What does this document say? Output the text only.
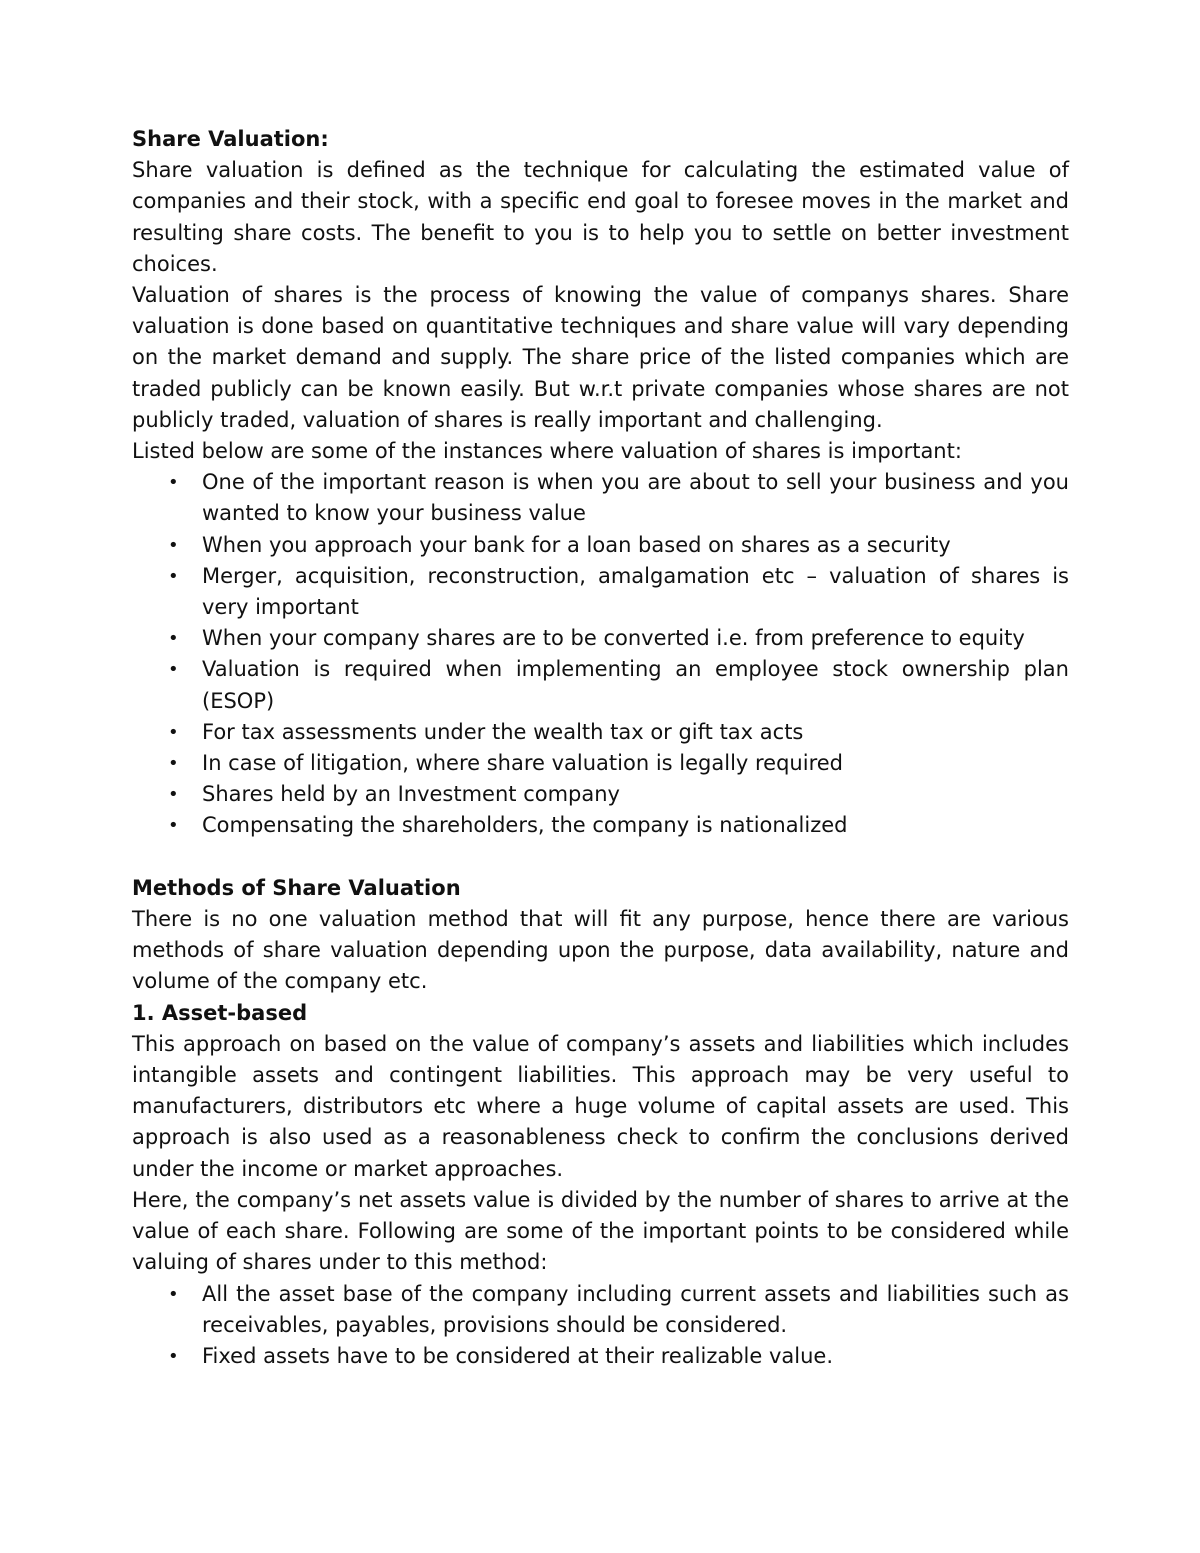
Share Valuation:

Share valuation is defined as the technique for calculating the estimated value of companies and their stock, with a specific end goal to foresee moves in the market and resulting share costs. The benefit to you is to help you to settle on better investment choices.

Valuation of shares is the process of knowing the value of companys shares. Share valuation is done based on quantitative techniques and share value will vary depending on the market demand and supply. The share price of the listed companies which are traded publicly can be known easily. But w.r.t private companies whose shares are not publicly traded, valuation of shares is really important and challenging.

Listed below are some of the instances where valuation of shares is important:

• One of the important reason is when you are about to sell your business and you wanted to know your business value
• When you approach your bank for a loan based on shares as a security
• Merger, acquisition, reconstruction, amalgamation etc – valuation of shares is very important
• When your company shares are to be converted i.e. from preference to equity
• Valuation is required when implementing an employee stock ownership plan (ESOP)
• For tax assessments under the wealth tax or gift tax acts
• In case of litigation, where share valuation is legally required
• Shares held by an Investment company
• Compensating the shareholders, the company is nationalized

Methods of Share Valuation

There is no one valuation method that will fit any purpose, hence there are various methods of share valuation depending upon the purpose, data availability, nature and volume of the company etc.

1. Asset-based

This approach on based on the value of company’s assets and liabilities which includes intangible assets and contingent liabilities. This approach may be very useful to manufacturers, distributors etc where a huge volume of capital assets are used. This approach is also used as a reasonableness check to confirm the conclusions derived under the income or market approaches.

Here, the company’s net assets value is divided by the number of shares to arrive at the value of each share. Following are some of the important points to be considered while valuing of shares under to this method:

• All the asset base of the company including current assets and liabilities such as receivables, payables, provisions should be considered.
• Fixed assets have to be considered at their realizable value.
